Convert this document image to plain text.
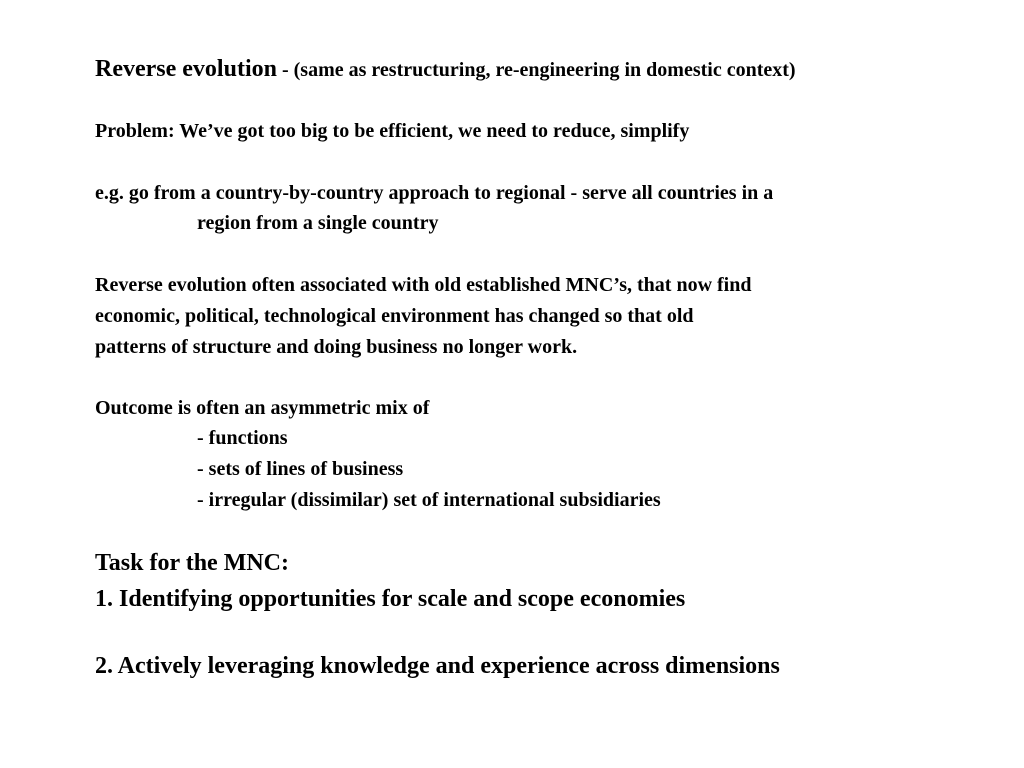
Reverse evolution - (same as restructuring, re-engineering in domestic context)
Problem: We’ve got too big to be efficient, we need to reduce, simplify
e.g. go from a country-by-country approach to regional - serve all countries in a
region from a single country
Reverse evolution often associated with old established MNC’s, that now find
economic, political, technological environment has changed so that old
patterns of structure and doing business no longer work.
Outcome is often an asymmetric mix of
- functions
- sets of lines of business
- irregular (dissimilar) set of international subsidiaries
Task for the MNC:
1. Identifying opportunities for scale and scope economies
2. Actively leveraging knowledge and experience across dimensions
